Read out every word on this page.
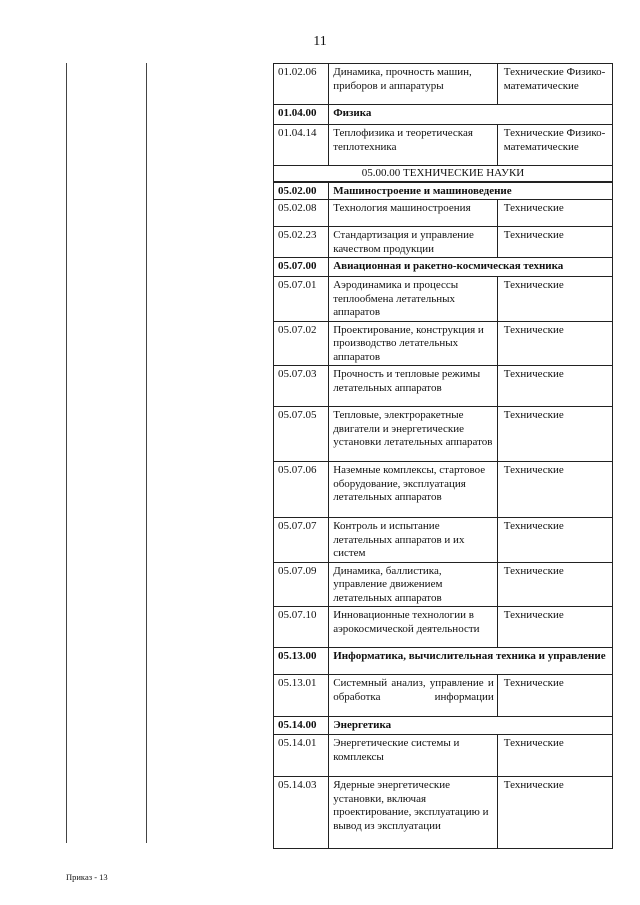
11
01.02.06	Динамика, прочность машин, приборов и аппаратуры	Технические Физико-математические
01.04.00	Физика	
01.04.14	Теплофизика и теоретическая теплотехника	Технические Физико-математические
05.00.00 ТЕХНИЧЕСКИЕ НАУКИ		
05.02.00	Машиностроение и машиноведение	
05.02.08	Технология машиностроения	Технические
05.02.23	Стандартизация и управление качеством продукции	Технические
05.07.00	Авиационная и ракетно-космическая техника	
05.07.01	Аэродинамика и процессы теплообмена летательных аппаратов	Технические
05.07.02	Проектирование, конструкция и производство летательных аппаратов	Технические
05.07.03	Прочность и тепловые режимы летательных аппаратов	Технические
05.07.05	Тепловые, электроракетные двигатели и энергетические установки летательных аппаратов	Технические
05.07.06	Наземные комплексы, стартовое оборудование, эксплуатация летательных аппаратов	Технические
05.07.07	Контроль и испытание летательных аппаратов и их систем	Технические
05.07.09	Динамика, баллистика, управление движением летательных аппаратов	Технические
05.07.10	Инновационные технологии в аэрокосмической деятельности	Технические
05.13.00	Информатика, вычислительная техника и управление	
05.13.01	Системный анализ, управление и обработка информации	Технические
05.14.00	Энергетика	
05.14.01	Энергетические системы и комплексы	Технические
05.14.03	Ядерные энергетические установки, включая проектирование, эксплуатацию и вывод из эксплуатации	Технические
Приказ - 13
